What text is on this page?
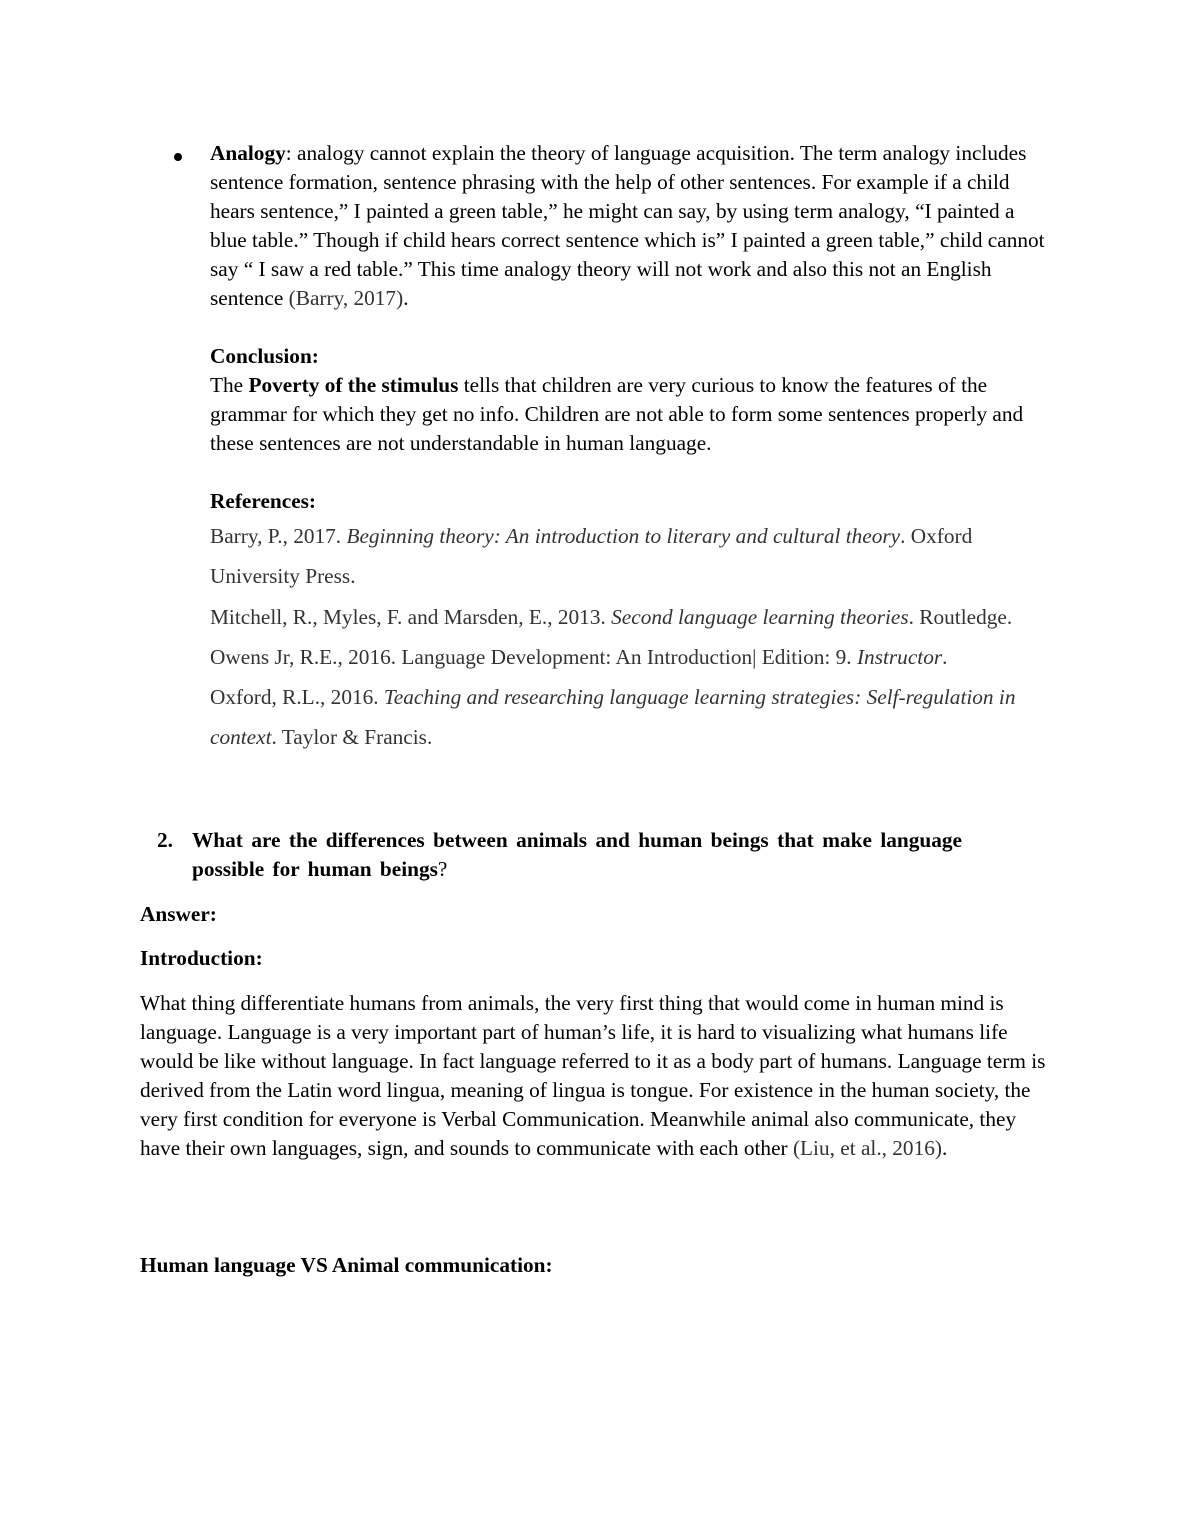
Analogy: analogy cannot explain the theory of language acquisition. The term analogy includes sentence formation, sentence phrasing with the help of other sentences. For example if a child hears sentence,” I painted a green table,” he might can say, by using term analogy, “I painted a blue table.” Though if child hears correct sentence which is” I painted a green table,” child cannot say “ I saw a red table.” This time analogy theory will not work and also this not an English sentence (Barry, 2017).

Conclusion:

The Poverty of the stimulus tells that children are very curious to know the features of the grammar for which they get no info. Children are not able to form some sentences properly and these sentences are not understandable in human language.

References:

Barry, P., 2017. Beginning theory: An introduction to literary and cultural theory. Oxford University Press.

Mitchell, R., Myles, F. and Marsden, E., 2013. Second language learning theories. Routledge.

Owens Jr, R.E., 2016. Language Development: An Introduction| Edition: 9. Instructor.

Oxford, R.L., 2016. Teaching and researching language learning strategies: Self-regulation in context. Taylor & Francis.

2. What are the differences between animals and human beings that make language possible for human beings?
Answer:
Introduction:

What thing differentiate humans from animals, the very first thing that would come in human mind is language. Language is a very important part of human’s life, it is hard to visualizing what humans life would be like without language. In fact language referred to it as a body part of humans. Language term is derived from the Latin word lingua, meaning of lingua is tongue. For existence in the human society, the very first condition for everyone is Verbal Communication. Meanwhile animal also communicate, they have their own languages, sign, and sounds to communicate with each other (Liu, et al., 2016).

Human language VS Animal communication:
